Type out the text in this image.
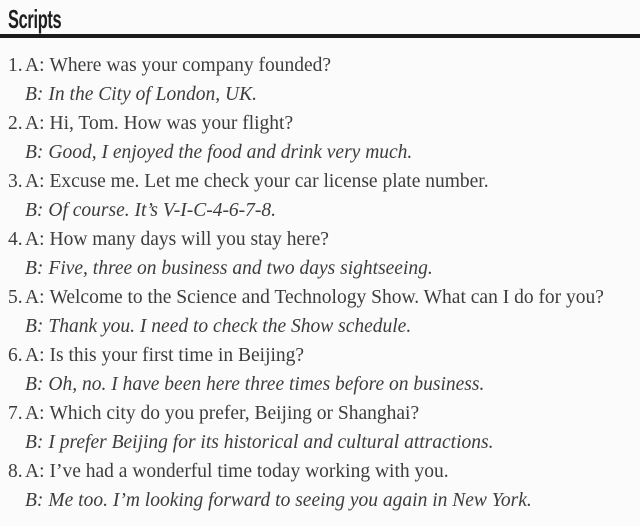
Scripts
1. A: Where was your company founded?
B: In the City of London, UK.
2. A: Hi, Tom. How was your flight?
B: Good, I enjoyed the food and drink very much.
3. A: Excuse me. Let me check your car license plate number.
B: Of course. It’s V-I-C-4-6-7-8.
4. A: How many days will you stay here?
B: Five, three on business and two days sightseeing.
5. A: Welcome to the Science and Technology Show. What can I do for you?
B: Thank you. I need to check the Show schedule.
6. A: Is this your first time in Beijing?
B: Oh, no. I have been here three times before on business.
7. A: Which city do you prefer, Beijing or Shanghai?
B: I prefer Beijing for its historical and cultural attractions.
8. A: I’ve had a wonderful time today working with you.
B: Me too. I’m looking forward to seeing you again in New York.
